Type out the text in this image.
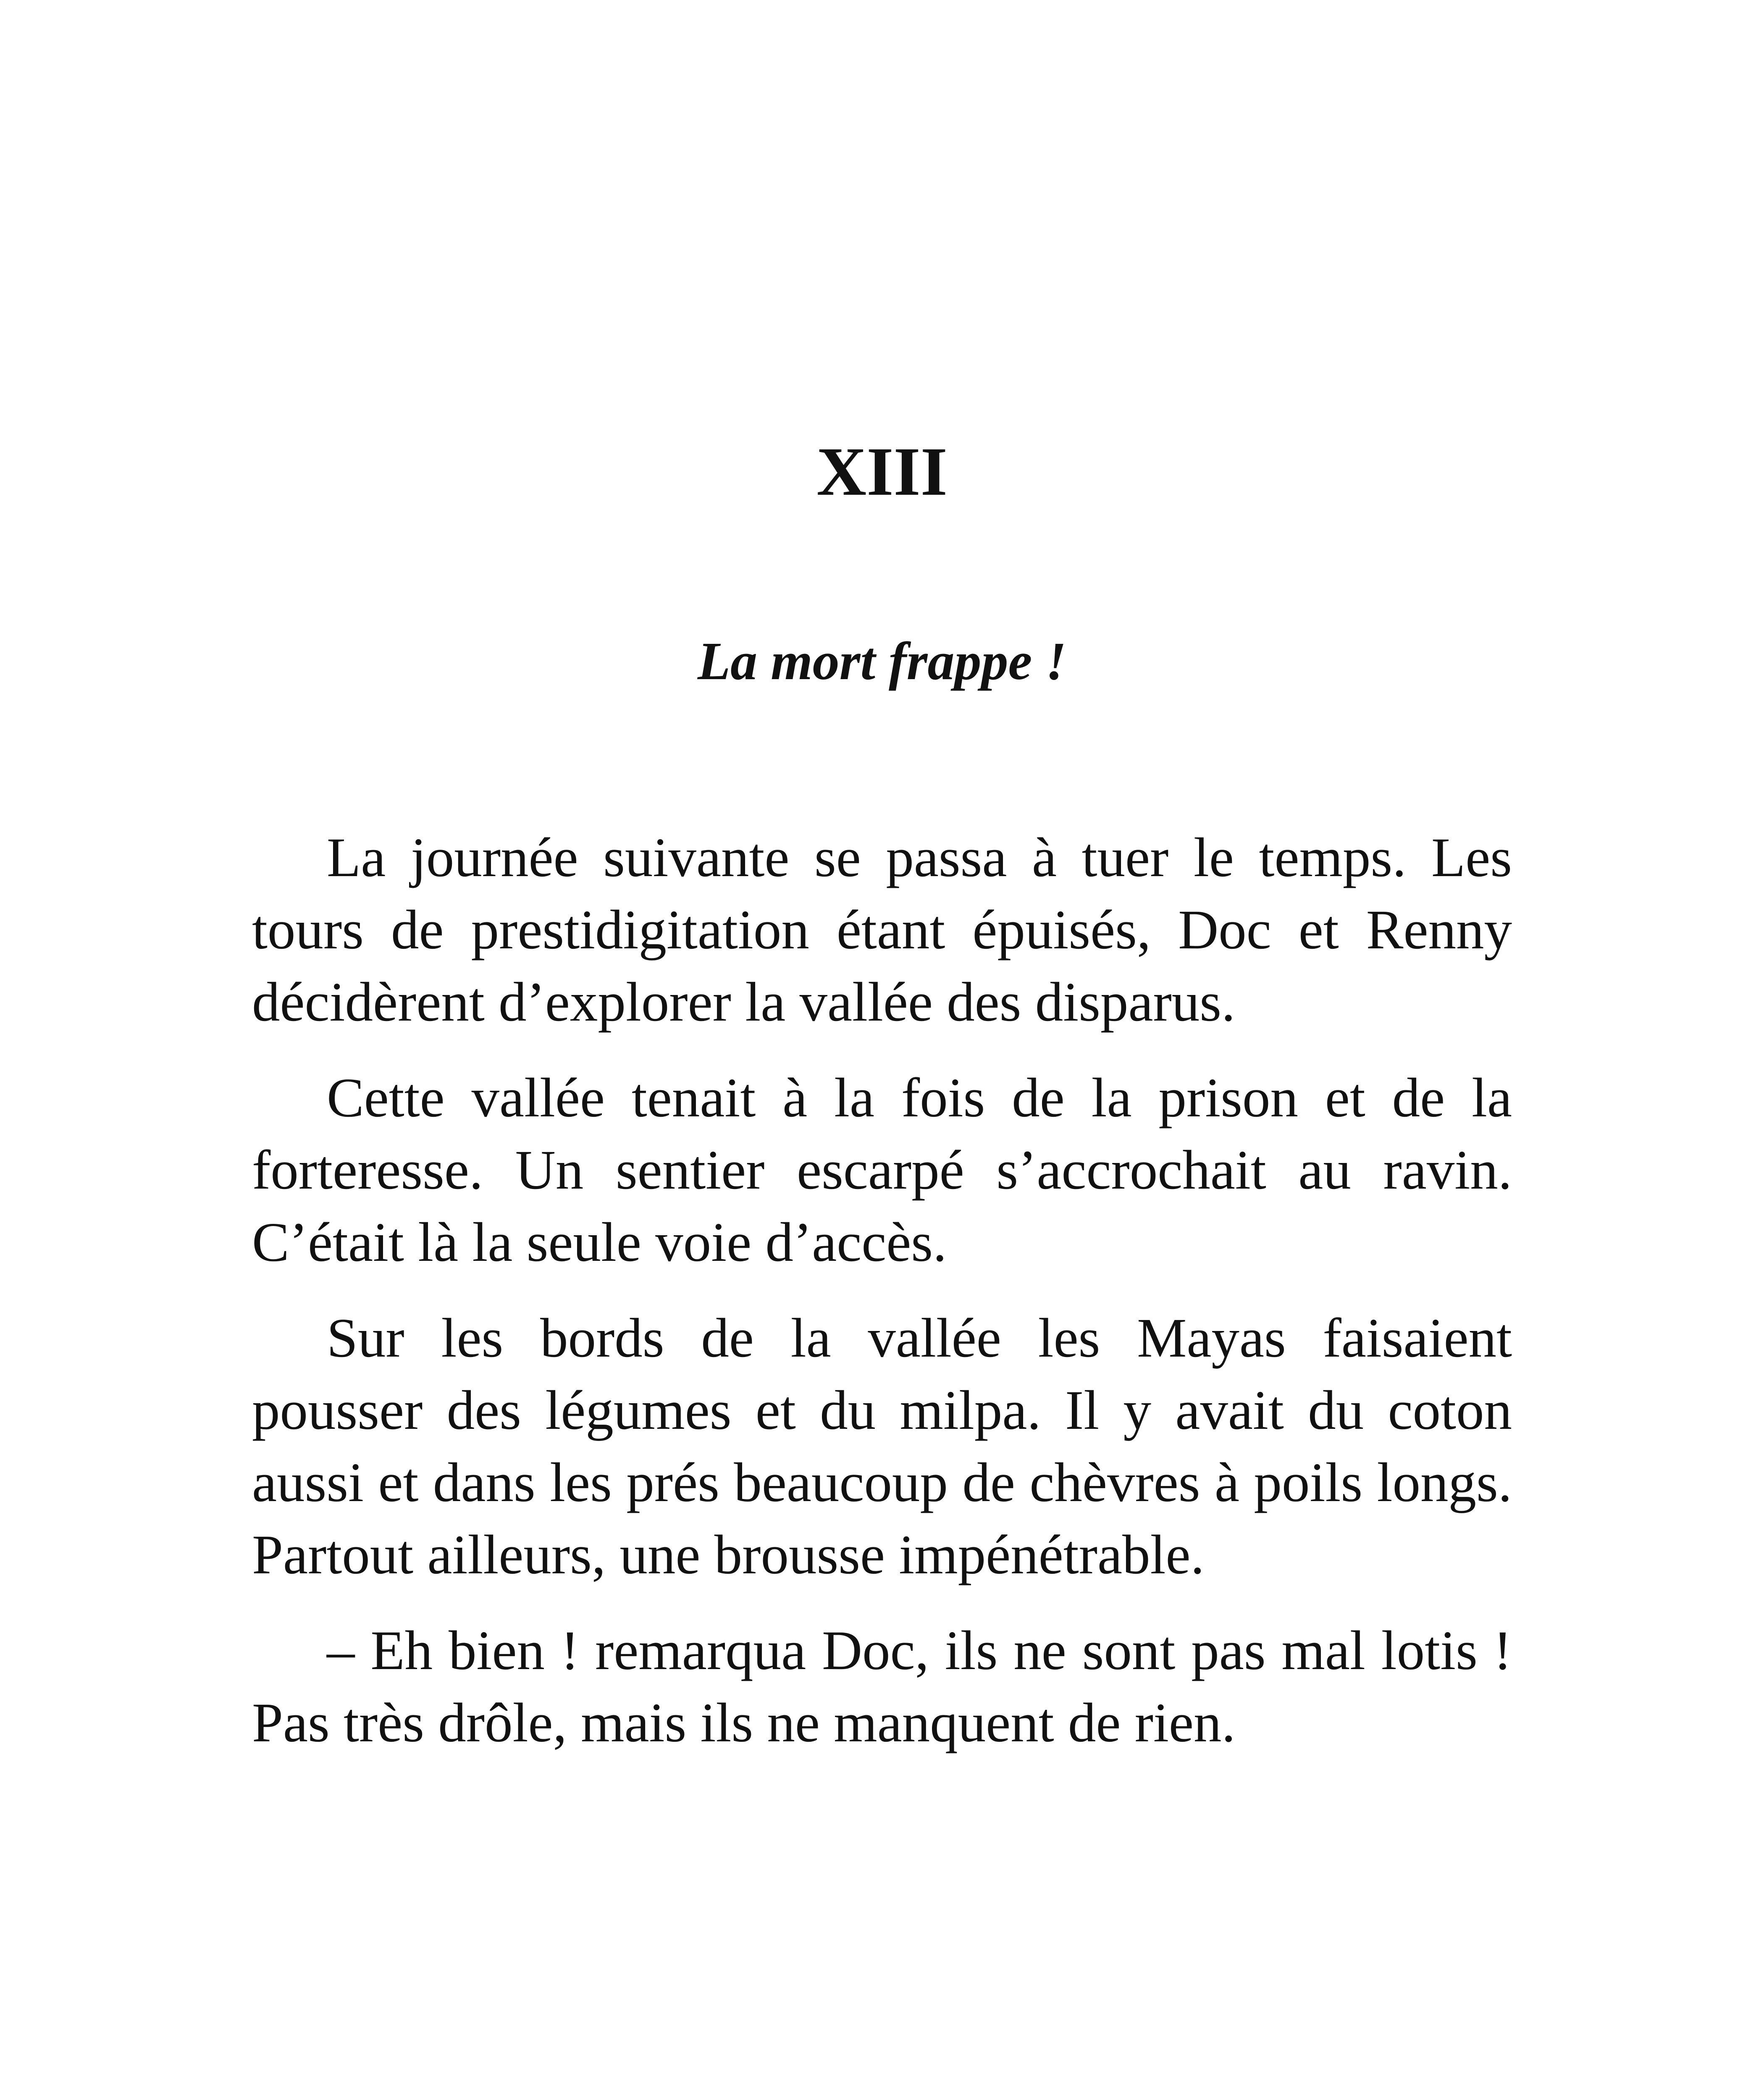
XIII
La mort frappe !

La journée suivante se passa à tuer le temps. Les tours de prestidigitation étant épuisés, Doc et Renny décidèrent d’explorer la vallée des disparus.

Cette vallée tenait à la fois de la prison et de la forteresse. Un sentier escarpé s’accrochait au ravin. C’était là la seule voie d’accès.

Sur les bords de la vallée les Mayas faisaient pousser des légumes et du milpa. Il y avait du coton aussi et dans les prés beaucoup de chèvres à poils longs. Partout ailleurs, une brousse impénétrable.

– Eh bien ! remarqua Doc, ils ne sont pas mal lotis ! Pas très drôle, mais ils ne manquent de rien.
